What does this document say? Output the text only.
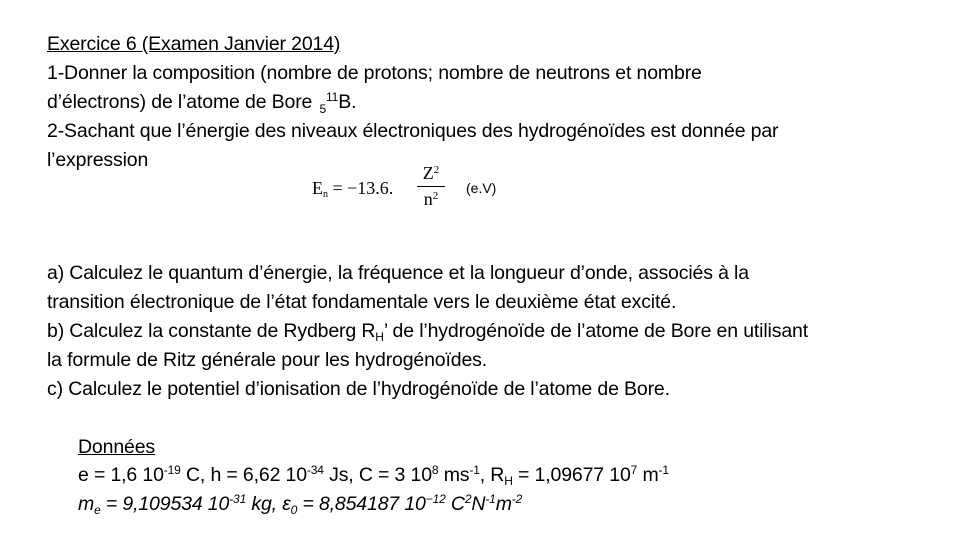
Exercice 6 (Examen Janvier 2014)
1-Donner la composition (nombre de protons; nombre de neutrons et nombre
d’électrons) de l’atome de Bore $_5^{11}$B.
2-Sachant que l’énergie des niveaux électroniques des hydrogénoïdes est donnée par
l’expression
$E_n = -13.6$.
$Z^2$
$n^2$	(e.V)
a) Calculez le quantum d’énergie, la fréquence et la longueur d’onde, associés à la
transition électronique de l’état fondamentale vers le deuxième état excité.
b) Calculez la constante de Rydberg $R_H$’ de l’hydrogénoïde de l’atome de Bore en utilisant
la formule de Ritz générale pour les hydrogénoïdes.
c) Calculez le potentiel d’ionisation de l’hydrogénoïde de l’atome de Bore.
Données
e = 1,6 $10^{-19}$ C, h = 6,62 $10^{-34}$ Js, C = 3 $10^8$ $ms^{-1}$, $R_H = 1,09677$ $10^7$ $m^{-1}$
$m_e = 9,109534$ $10^{-31}$ kg, $\varepsilon_0 = 8,854187$ $10^{-12}$ $C^2N^{-1}m^{-2}$
